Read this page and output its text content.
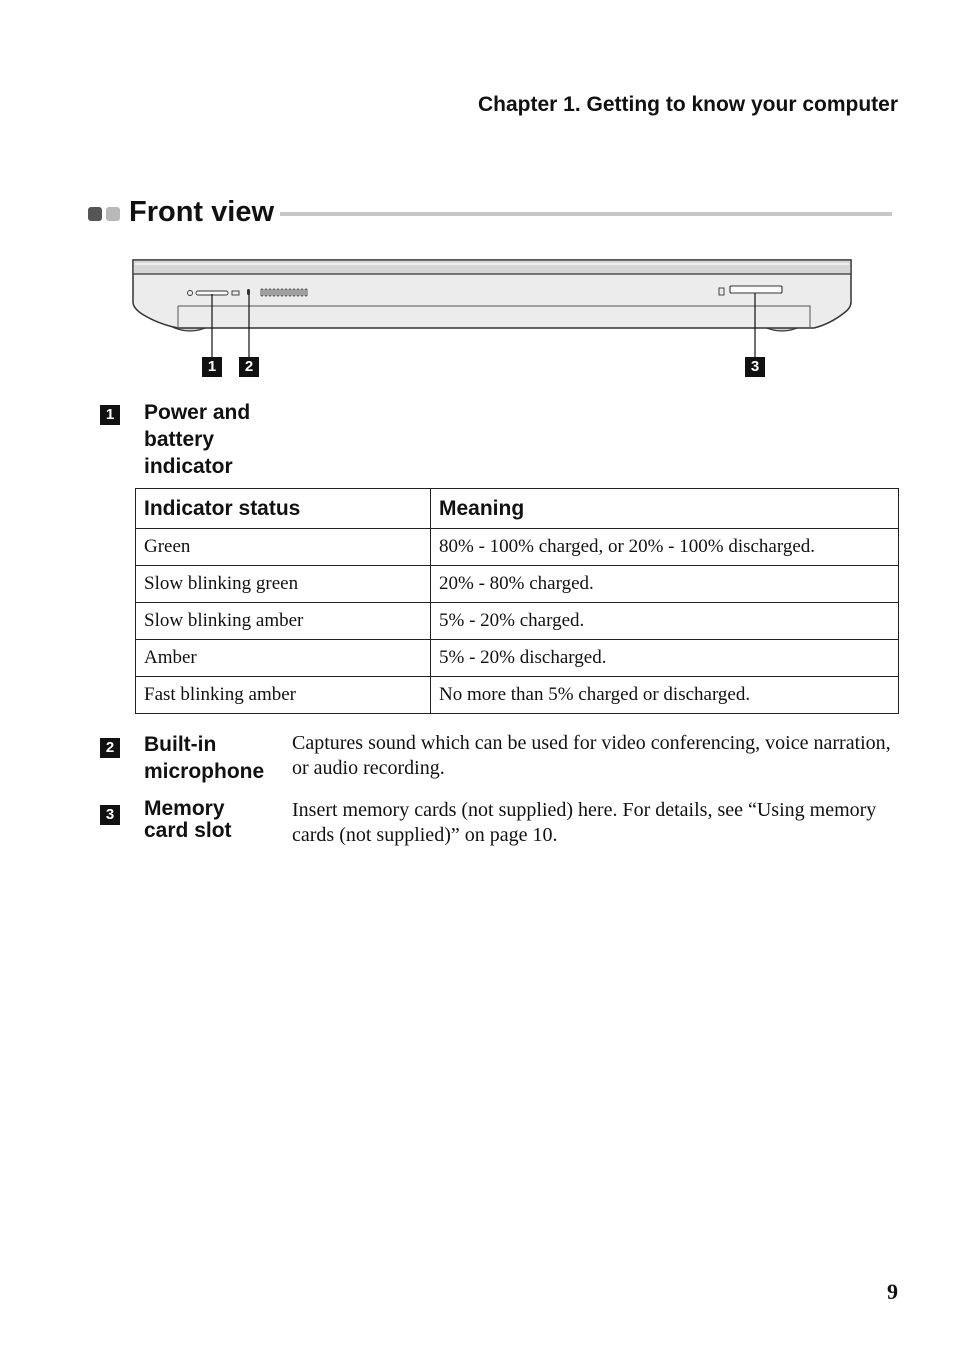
Chapter 1. Getting to know your computer
Front view
1	2	3
1 Power and
battery
indicator
Indicator status	Meaning
Green	80% - 100% charged, or 20% - 100% discharged.
Slow blinking green	20% - 80% charged.
Slow blinking amber	5% - 20% charged.
Amber	5% - 20% discharged.
Fast blinking amber	No more than 5% charged or discharged.
2 Built-in
microphone
Captures sound which can be used for video conferencing, voice narration, or audio recording.
3 Memory
card slot
Insert memory cards (not supplied) here. For details, see “Using memory cards (not supplied)” on page 10.
9
